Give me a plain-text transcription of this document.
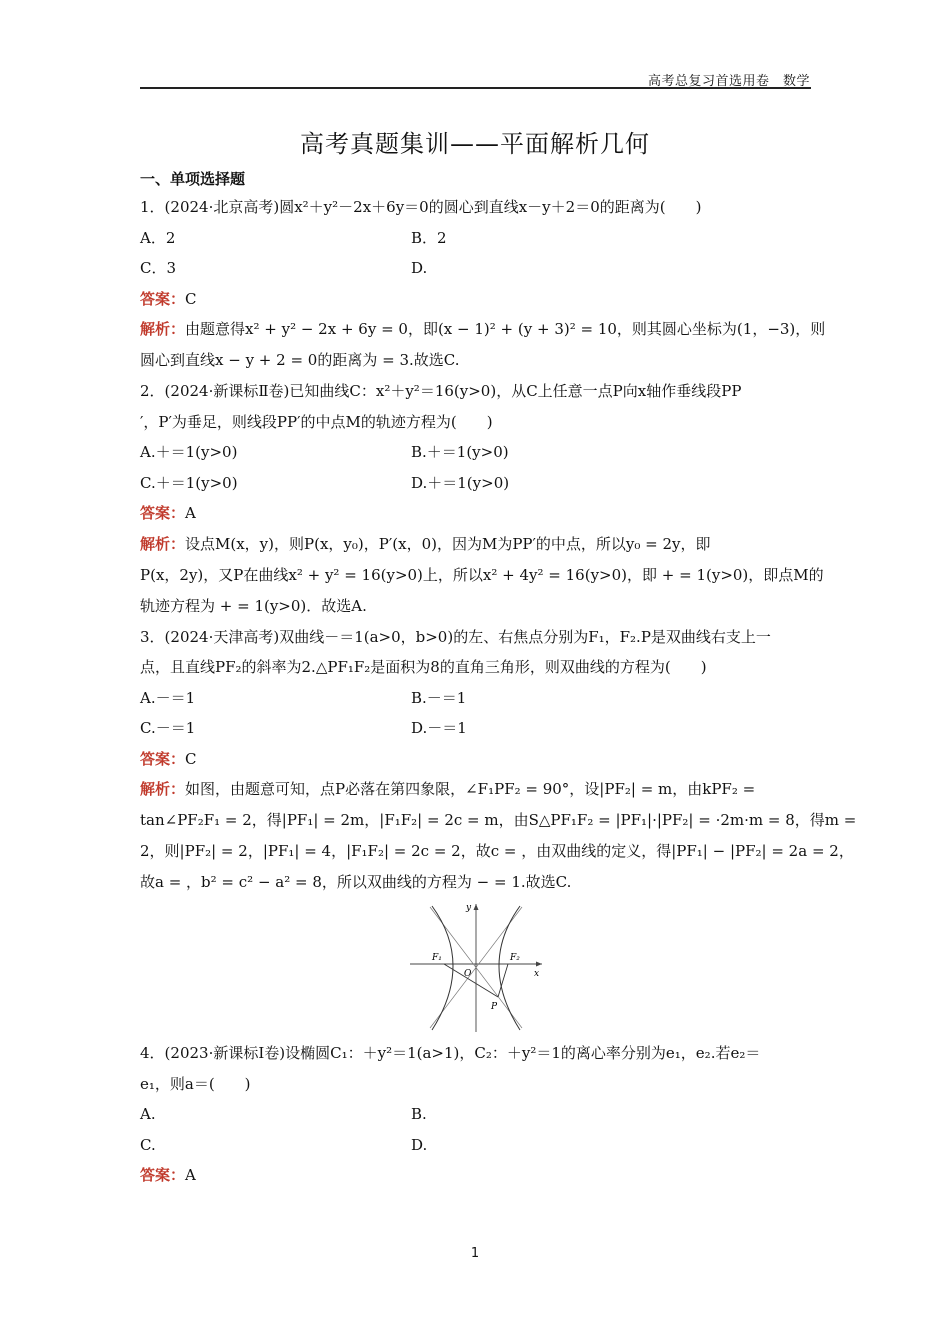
高考总复习首选用卷　数学
高考真题集训——平面解析几何
一、单项选择题
1．(2024·北京高考)圆x²＋y²－2x＋6y＝0的圆心到直线x－y＋2＝0的距离为(　　)
A．2	B．2
C．3	D.
答案：C
解析：由题意得x² + y² − 2x + 6y = 0，即(x − 1)² + (y + 3)² = 10，则其圆心坐标为(1，−3)，则
圆心到直线x − y + 2 = 0的距离为 = 3.故选C.
2．(2024·新课标Ⅱ卷)已知曲线C：x²＋y²＝16(y>0)，从C上任意一点P向x轴作垂线段PP
′，P′为垂足，则线段PP′的中点M的轨迹方程为(　　)
A.＋＝1(y>0)	B.＋＝1(y>0)
C.＋＝1(y>0)	D.＋＝1(y>0)
答案：A
解析：设点M(x，y)，则P(x，y₀)，P′(x，0)，因为M为PP′的中点，所以y₀ = 2y，即
P(x，2y)，又P在曲线x² + y² = 16(y>0)上，所以x² + 4y² = 16(y>0)，即 + = 1(y>0)，即点M的
轨迹方程为 + = 1(y>0)．故选A.
3．(2024·天津高考)双曲线－＝1(a>0，b>0)的左、右焦点分别为F₁，F₂.P是双曲线右支上一
点，且直线PF₂的斜率为2.△PF₁F₂是面积为8的直角三角形，则双曲线的方程为(　　)
A.－＝1	B.－＝1
C.－＝1	D.－＝1
答案：C
解析：如图，由题意可知，点P必落在第四象限，∠F₁PF₂ = 90°，设|PF₂| = m，由kPF₂ =
tan∠PF₂F₁ = 2，得|PF₁| = 2m，|F₁F₂| = 2c = m，由S△PF₁F₂ = |PF₁|·|PF₂| = ·2m·m = 8，得m =
2，则|PF₂| = 2，|PF₁| = 4，|F₁F₂| = 2c = 2，故c = ，由双曲线的定义，得|PF₁| − |PF₂| = 2a = 2，
故a = ，b² = c² − a² = 8，所以双曲线的方程为 − = 1.故选C.
y
x
O
F₁	F₂
P
4．(2023·新课标Ⅰ卷)设椭圆C₁：＋y²＝1(a>1)，C₂：＋y²＝1的离心率分别为e₁，e₂.若e₂＝
e₁，则a＝(　　)
A.	B.
C.	D.
答案：A
1
